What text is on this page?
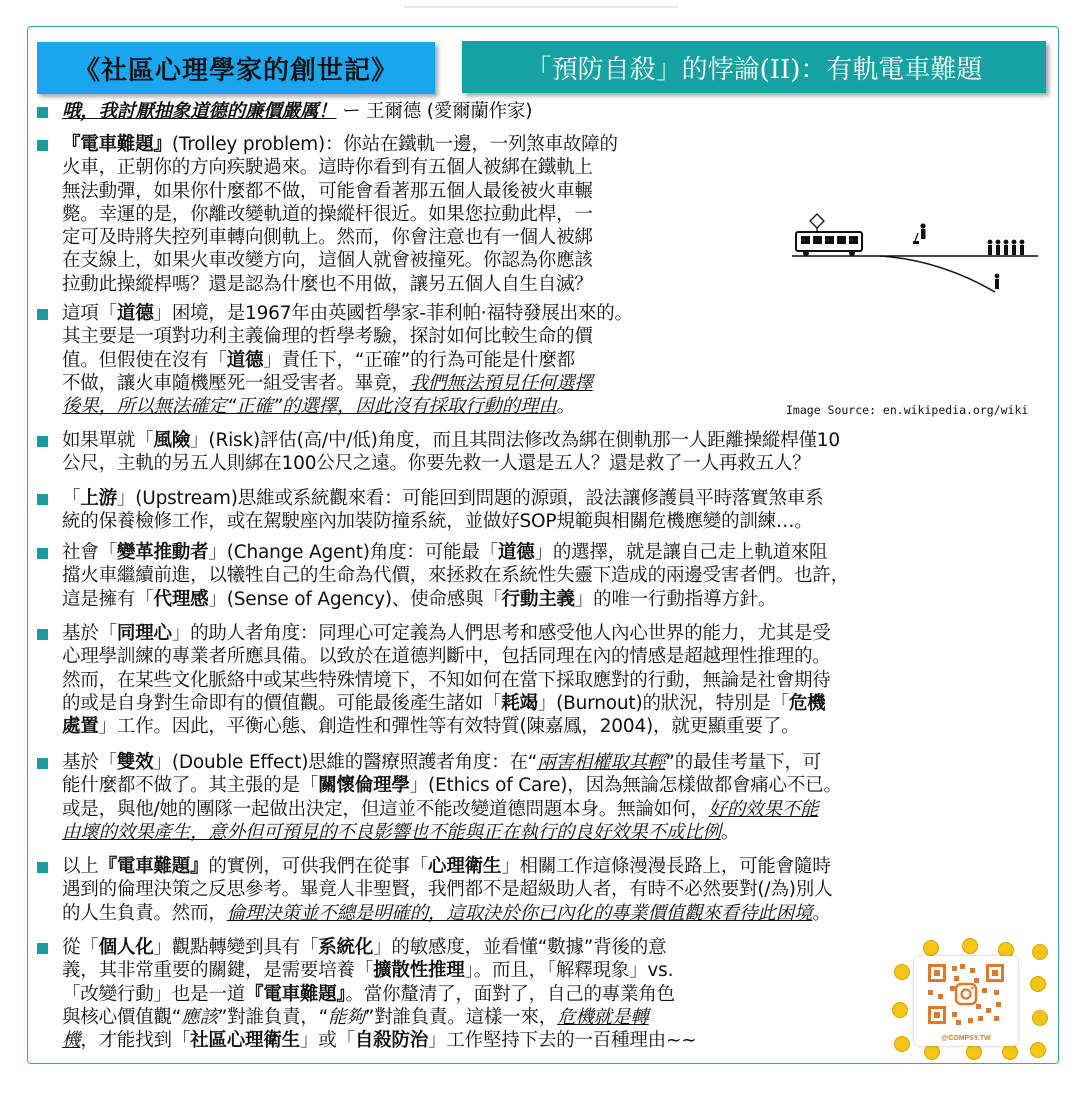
《社區心理學家的創世記》	「預防自殺」的悖論(II)：有軌電車難題
哦，我討厭抽象道德的廉價嚴厲！ ー 王爾德 (愛爾蘭作家)
『電車難題』(Trolley problem)：你站在鐵軌一邊，一列煞車故障的
火車，正朝你的方向疾駛過來。這時你看到有五個人被綁在鐵軌上
無法動彈，如果你什麼都不做，可能會看著那五個人最後被火車輾
斃。幸運的是，你離改變軌道的操縱杆很近。如果您拉動此桿，一
定可及時將失控列車轉向側軌上。然而，你會注意也有一個人被綁
在支線上，如果火車改變方向，這個人就會被撞死。你認為你應該
拉動此操縱桿嗎？還是認為什麼也不用做，讓另五個人自生自滅？
這項「道德」困境，是1967年由英國哲學家-菲利帕·福特發展出來的。
其主要是一項對功利主義倫理的哲學考驗，探討如何比較生命的價
值。但假使在沒有「道德」責任下，“正確”的行為可能是什麼都
不做，讓火車隨機壓死一組受害者。畢竟，我們無法預見任何選擇
後果，所以無法確定“正確”的選擇，因此沒有採取行動的理由。
如果單就「風險」(Risk)評估(高/中/低)角度，而且其問法修改為綁在側軌那一人距離操縱桿僅10
公尺，主軌的另五人則綁在100公尺之遠。你要先救一人還是五人？還是救了一人再救五人？
「上游」(Upstream)思維或系統觀來看：可能回到問題的源頭，設法讓修護員平時落實煞車系
統的保養檢修工作，或在駕駛座內加裝防撞系統，並做好SOP規範與相關危機應變的訓練…。
社會「變革推動者」(Change Agent)角度：可能最「道德」的選擇，就是讓自己走上軌道來阻
擋火車繼續前進，以犧牲自己的生命為代價，來拯救在系統性失靈下造成的兩邊受害者們。也許，
這是擁有「代理感」(Sense of Agency)、使命感與「行動主義」的唯一行動指導方針。
基於「同理心」的助人者角度：同理心可定義為人們思考和感受他人內心世界的能力，尤其是受
心理學訓練的專業者所應具備。以致於在道德判斷中，包括同理在內的情感是超越理性推理的。
然而，在某些文化脈絡中或某些特殊情境下，不知如何在當下採取應對的行動，無論是社會期待
的或是自身對生命即有的價值觀。可能最後產生諸如「耗竭」(Burnout)的狀況，特別是「危機
處置」工作。因此，平衡心態、創造性和彈性等有效特質(陳嘉鳳，2004)，就更顯重要了。
基於「雙效」(Double Effect)思維的醫療照護者角度：在“兩害相權取其輕”的最佳考量下，可
能什麼都不做了。其主張的是「關懷倫理學」(Ethics of Care)，因為無論怎樣做都會痛心不已。
或是，與他/她的團隊一起做出決定，但這並不能改變道德問題本身。無論如何，好的效果不能
由壞的效果產生，意外但可預見的不良影響也不能與正在執行的良好效果不成比例。
以上『電車難題』的實例，可供我們在從事「心理衛生」相關工作這條漫漫長路上，可能會隨時
遇到的倫理決策之反思參考。畢竟人非聖賢，我們都不是超級助人者，有時不必然要對(/為)別人
的人生負責。然而，倫理決策並不總是明確的，這取決於你已內化的專業價值觀來看待此困境。
從「個人化」觀點轉變到具有「系統化」的敏感度，並看懂“數據”背後的意
義，其非常重要的關鍵，是需要培養「擴散性推理」。而且，「解釋現象」vs.
「改變行動」也是一道『電車難題』。當你釐清了，面對了，自己的專業角色
與核心價值觀“應該”對誰負責，“能夠”對誰負責。這樣一來，危機就是轉
機，才能找到「社區心理衛生」或「自殺防治」工作堅持下去的一百種理由~~
Image Source: en.wikipedia.org/wiki
@COMPSY.TW
